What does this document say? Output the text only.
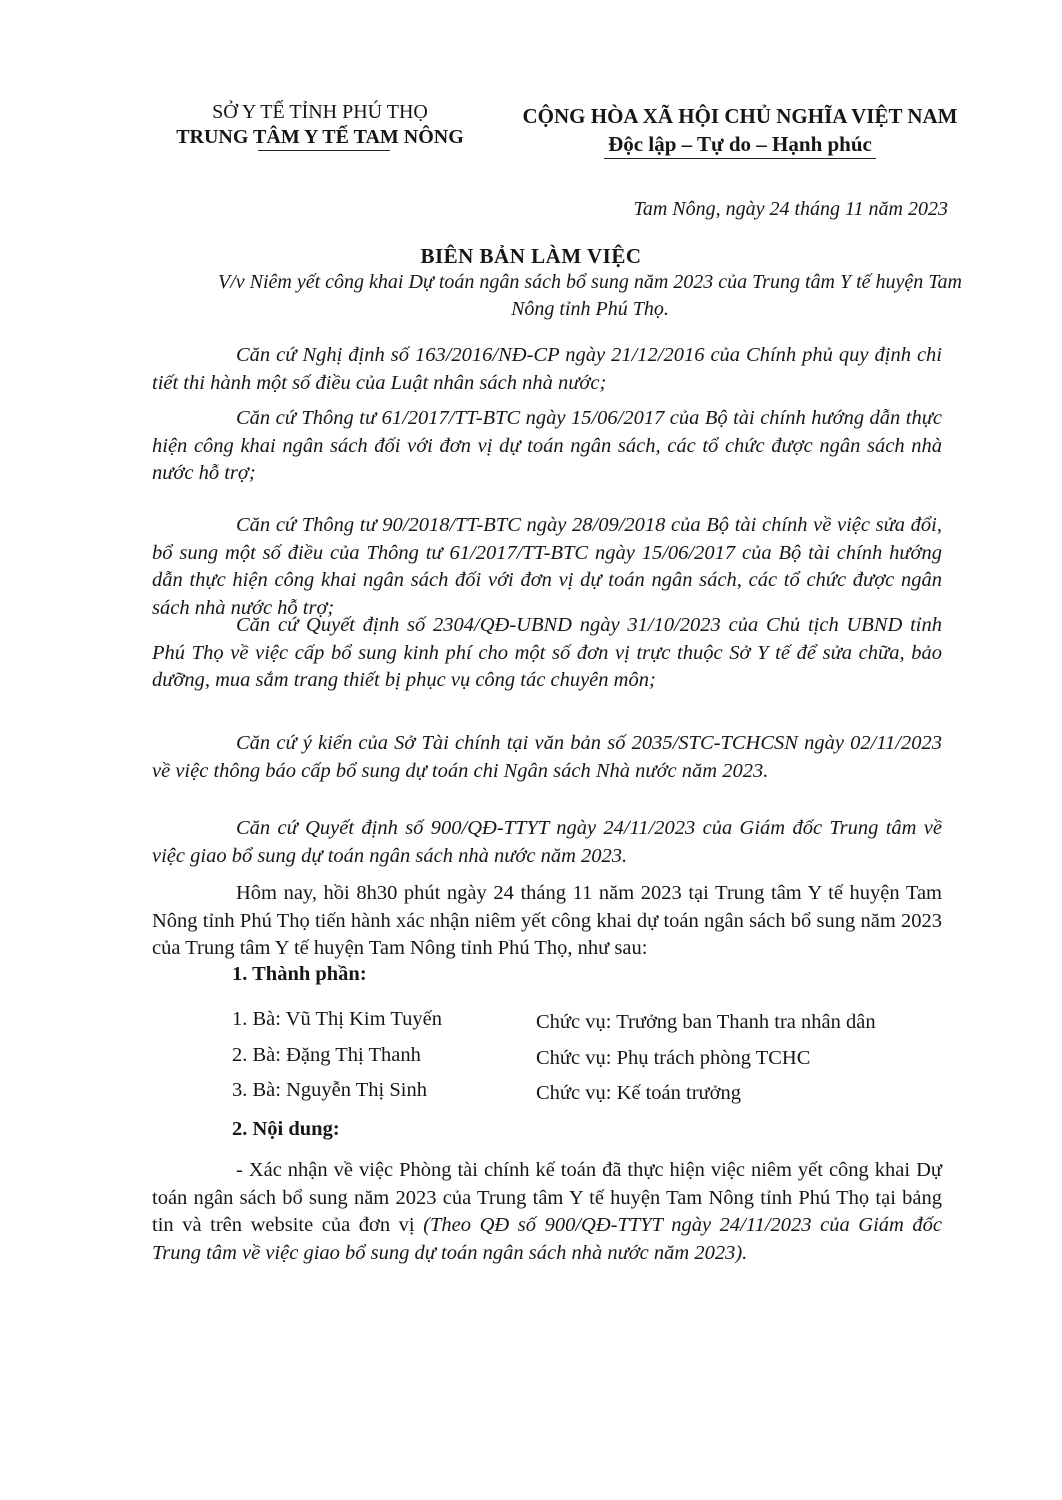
SỞ Y TẾ TỈNH PHÚ THỌ
TRUNG TÂM Y TẾ TAM NÔNG
CỘNG HÒA XÃ HỘI CHỦ NGHĨA VIỆT NAM
Độc lập – Tự do – Hạnh phúc
Tam Nông, ngày 24 tháng 11 năm 2023
BIÊN BẢN LÀM VIỆC
V/v Niêm yết công khai Dự toán ngân sách bổ sung năm 2023 của Trung tâm Y tế huyện Tam Nông tỉnh Phú Thọ.
Căn cứ Nghị định số 163/2016/NĐ-CP ngày 21/12/2016 của Chính phủ quy định chi tiết thi hành một số điều của Luật nhân sách nhà nước;
Căn cứ Thông tư 61/2017/TT-BTC ngày 15/06/2017 của Bộ tài chính hướng dẫn thực hiện công khai ngân sách đối với đơn vị dự toán ngân sách, các tổ chức được ngân sách nhà nước hỗ trợ;
Căn cứ Thông tư 90/2018/TT-BTC ngày 28/09/2018 của Bộ tài chính về việc sửa đổi, bổ sung một số điều của Thông tư 61/2017/TT-BTC ngày 15/06/2017 của Bộ tài chính hướng dẫn thực hiện công khai ngân sách đối với đơn vị dự toán ngân sách, các tổ chức được ngân sách nhà nước hỗ trợ;
Căn cứ Quyết định số 2304/QĐ-UBND ngày 31/10/2023 của Chủ tịch UBND tỉnh Phú Thọ về việc cấp bổ sung kinh phí cho một số đơn vị trực thuộc Sở Y tế để sửa chữa, bảo dưỡng, mua sắm trang thiết bị phục vụ công tác chuyên môn;
Căn cứ ý kiến của Sở Tài chính tại văn bản số 2035/STC-TCHCSN ngày 02/11/2023 về việc thông báo cấp bổ sung dự toán chi Ngân sách Nhà nước năm 2023.
Căn cứ Quyết định số 900/QĐ-TTYT ngày 24/11/2023 của Giám đốc Trung tâm về việc giao bổ sung dự toán ngân sách nhà nước năm 2023.
Hôm nay, hồi 8h30 phút ngày 24 tháng 11 năm 2023 tại Trung tâm Y tế huyện Tam Nông tỉnh Phú Thọ tiến hành xác nhận niêm yết công khai dự toán ngân sách bổ sung năm 2023 của Trung tâm Y tế huyện Tam Nông tỉnh Phú Thọ, như sau:
1. Thành phần:
1. Bà: Vũ Thị Kim Tuyến	Chức vụ: Trưởng ban Thanh tra nhân dân
2. Bà: Đặng Thị Thanh	Chức vụ: Phụ trách phòng TCHC
3. Bà: Nguyễn Thị Sinh	Chức vụ: Kế toán trưởng
2. Nội dung:
- Xác nhận về việc Phòng tài chính kế toán đã thực hiện việc niêm yết công khai Dự toán ngân sách bổ sung năm 2023 của Trung tâm Y tế huyện Tam Nông tỉnh Phú Thọ tại bảng tin và trên website của đơn vị (Theo QĐ số 900/QĐ-TTYT ngày 24/11/2023 của Giám đốc Trung tâm về việc giao bổ sung dự toán ngân sách nhà nước năm 2023).
